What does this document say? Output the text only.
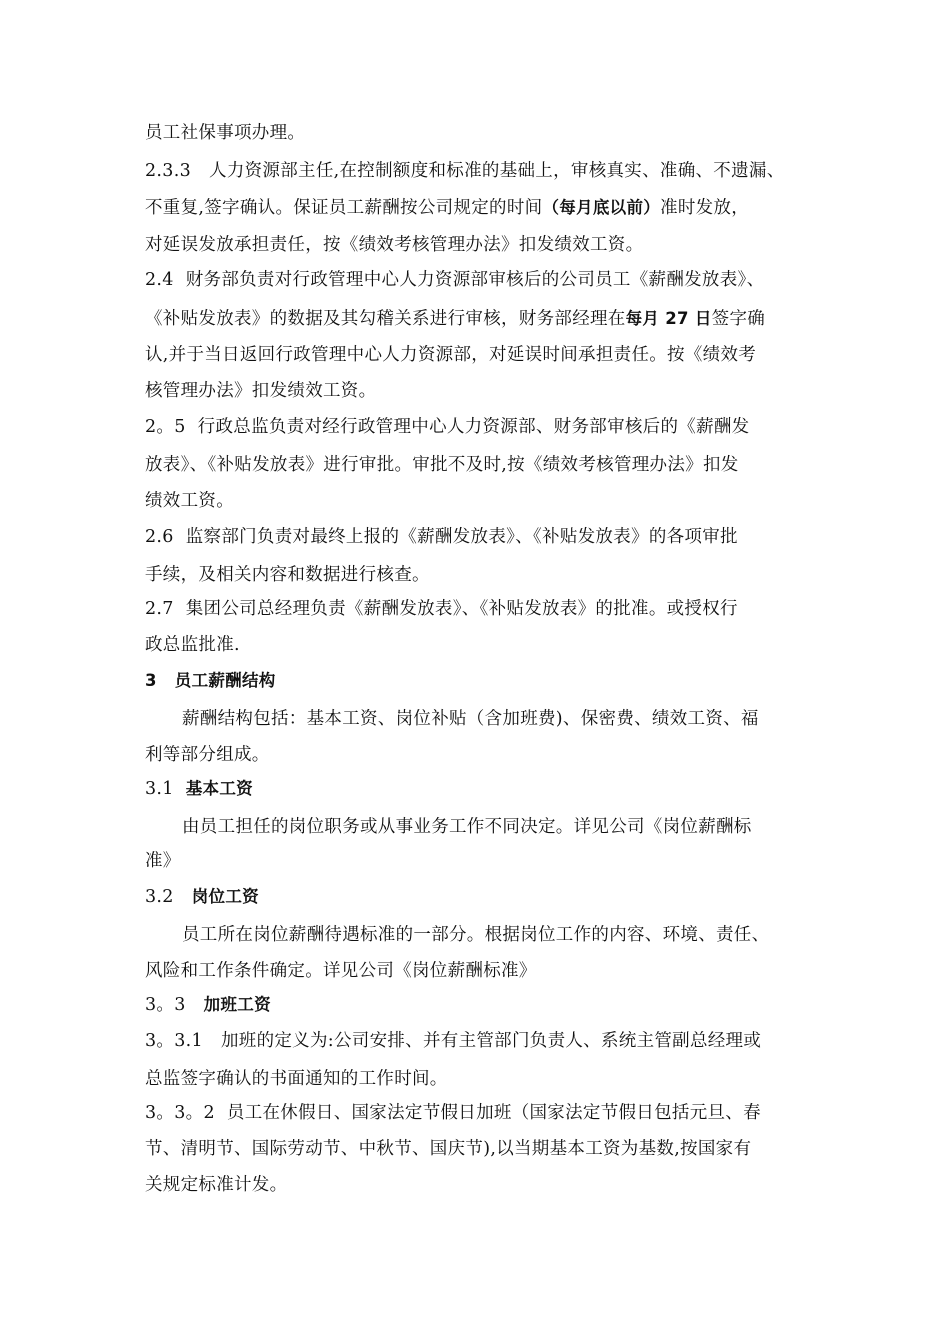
员工社保事项办理。
2.3.3 人力资源部主任,在控制额度和标准的基础上，审核真实、准确、不遗漏、
不重复,签字确认。保证员工薪酬按公司规定的时间（每月底以前）准时发放，
对延误发放承担责任，按《绩效考核管理办法》扣发绩效工资。
2.4 财务部负责对行政管理中心人力资源部审核后的公司员工《薪酬发放表》、
《补贴发放表》的数据及其勾稽关系进行审核，财务部经理在每月 27 日签字确
认,并于当日返回行政管理中心人力资源部，对延误时间承担责任。按《绩效考
核管理办法》扣发绩效工资。
2。5 行政总监负责对经行政管理中心人力资源部、财务部审核后的《薪酬发
放表》、《补贴发放表》进行审批。审批不及时,按《绩效考核管理办法》扣发
绩效工资。
2.6 监察部门负责对最终上报的《薪酬发放表》、《补贴发放表》的各项审批
手续，及相关内容和数据进行核查。
2.7 集团公司总经理负责《薪酬发放表》、《补贴发放表》的批准。或授权行
政总监批准.
3 员工薪酬结构
薪酬结构包括：基本工资、岗位补贴（含加班费)、保密费、绩效工资、福
利等部分组成。
3.1 基本工资
由员工担任的岗位职务或从事业务工作不同决定。详见公司《岗位薪酬标
准》
3.2 岗位工资
员工所在岗位薪酬待遇标准的一部分。根据岗位工作的内容、环境、责任、
风险和工作条件确定。详见公司《岗位薪酬标准》
3。3 加班工资
3。3.1 加班的定义为:公司安排、并有主管部门负责人、系统主管副总经理或
总监签字确认的书面通知的工作时间。
3。3。2 员工在休假日、国家法定节假日加班（国家法定节假日包括元旦、春
节、清明节、国际劳动节、中秋节、国庆节),以当期基本工资为基数,按国家有
关规定标准计发。
